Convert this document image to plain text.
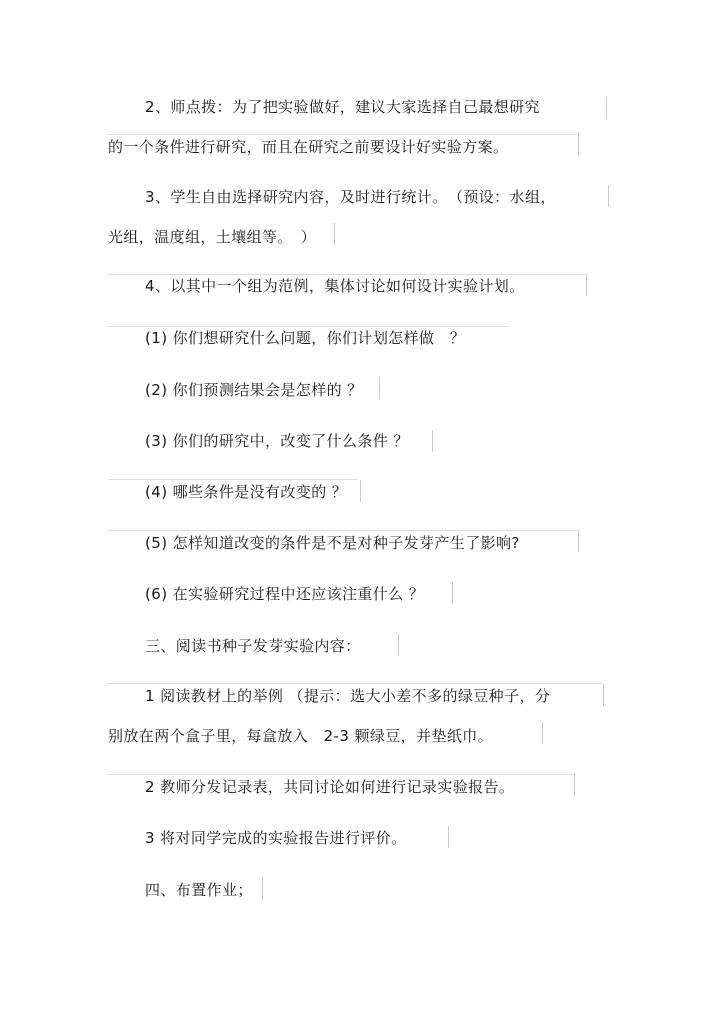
2、师点拨：为了把实验做好，建议大家选择自己最想研究
的一个条件进行研究，而且在研究之前要设计好实验方案。
3、学生自由选择研究内容，及时进行统计。　（预设：水组，
光组，温度组，土壤组等。　）
4、以其中一个组为范例，集体讨论如何设计实验计划。
(1) 你们想研究什么问题，你们计划怎样做　？
(2) 你们预测结果会是怎样的 ？
(3) 你们的研究中，改变了什么条件 ？
(4) 哪些条件是没有改变的 ？
(5) 怎样知道改变的条件是不是对种子发芽产生了影响?
(6) 在实验研究过程中还应该注重什么 ？
三、阅读书种子发芽实验内容：
1 阅读教材上的举例 （提示：选大小差不多的绿豆种子，分
别放在两个盒子里，每盒放入　2-3 颗绿豆，并垫纸巾。
2 教师分发记录表，共同讨论如何进行记录实验报告。
3 将对同学完成的实验报告进行评价。
四、布置作业；
